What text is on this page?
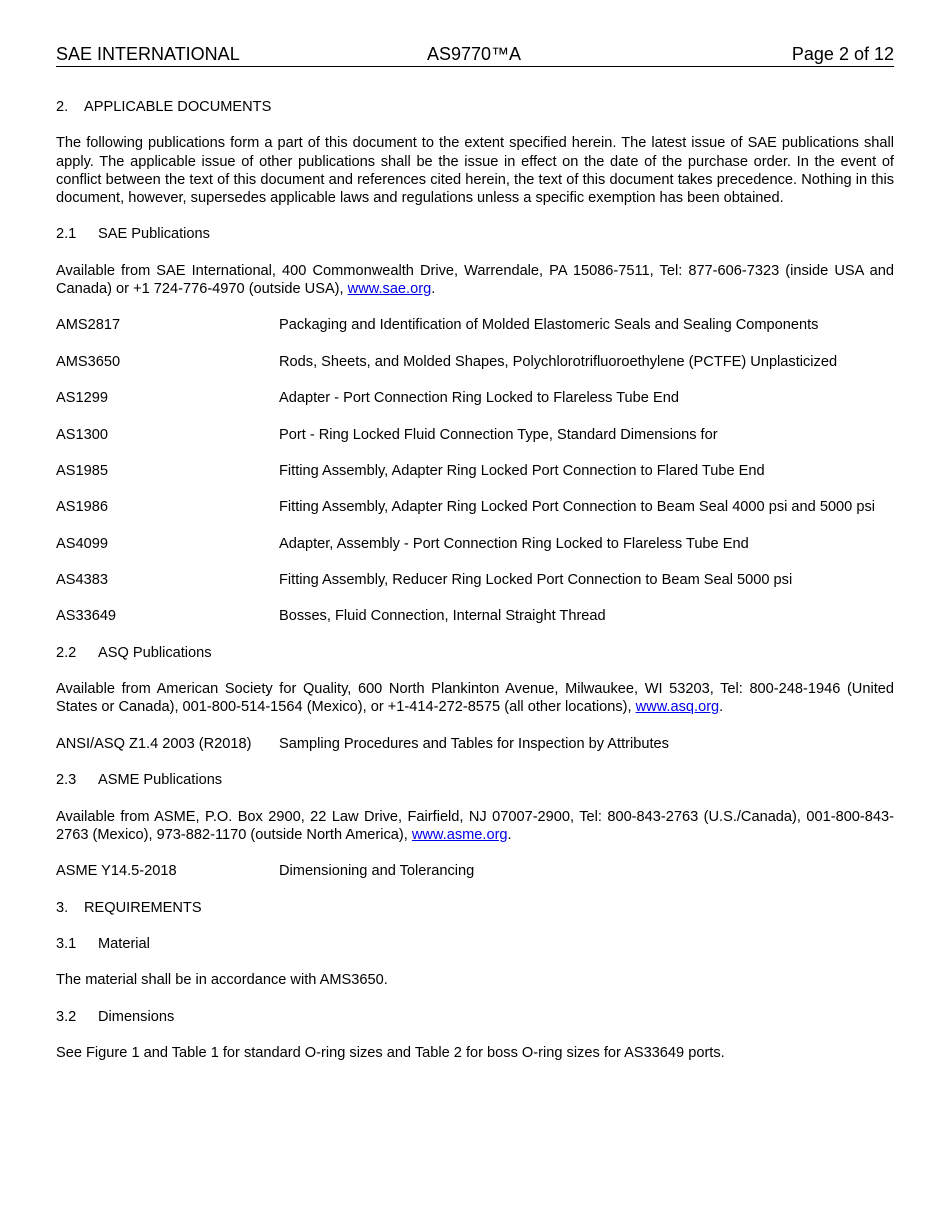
SAE INTERNATIONAL	AS9770™A	Page 2 of 12
2. APPLICABLE DOCUMENTS

The following publications form a part of this document to the extent specified herein. The latest issue of SAE publications shall apply. The applicable issue of other publications shall be the issue in effect on the date of the purchase order. In the event of conflict between the text of this document and references cited herein, the text of this document takes precedence. Nothing in this document, however, supersedes applicable laws and regulations unless a specific exemption has been obtained.

2.1 SAE Publications

Available from SAE International, 400 Commonwealth Drive, Warrendale, PA 15086-7511, Tel: 877-606-7323 (inside USA and Canada) or +1 724-776-4970 (outside USA), www.sae.org.

AMS2817	Packaging and Identification of Molded Elastomeric Seals and Sealing Components
AMS3650	Rods, Sheets, and Molded Shapes, Polychlorotrifluoroethylene (PCTFE) Unplasticized
AS1299	Adapter - Port Connection Ring Locked to Flareless Tube End
AS1300	Port - Ring Locked Fluid Connection Type, Standard Dimensions for
AS1985	Fitting Assembly, Adapter Ring Locked Port Connection to Flared Tube End
AS1986	Fitting Assembly, Adapter Ring Locked Port Connection to Beam Seal 4000 psi and 5000 psi
AS4099	Adapter, Assembly - Port Connection Ring Locked to Flareless Tube End
AS4383	Fitting Assembly, Reducer Ring Locked Port Connection to Beam Seal 5000 psi
AS33649	Bosses, Fluid Connection, Internal Straight Thread
2.2 ASQ Publications

Available from American Society for Quality, 600 North Plankinton Avenue, Milwaukee, WI 53203, Tel: 800-248-1946 (United States or Canada), 001-800-514-1564 (Mexico), or +1-414-272-8575 (all other locations), www.asq.org.

ANSI/ASQ Z1.4 2003 (R2018)	Sampling Procedures and Tables for Inspection by Attributes
2.3 ASME Publications

Available from ASME, P.O. Box 2900, 22 Law Drive, Fairfield, NJ 07007-2900, Tel: 800-843-2763 (U.S./Canada), 001-800-843-2763 (Mexico), 973-882-1170 (outside North America), www.asme.org.

ASME Y14.5-2018	Dimensioning and Tolerancing
3. REQUIREMENTS
3.1 Material

The material shall be in accordance with AMS3650.

3.2 Dimensions

See Figure 1 and Table 1 for standard O-ring sizes and Table 2 for boss O-ring sizes for AS33649 ports.
